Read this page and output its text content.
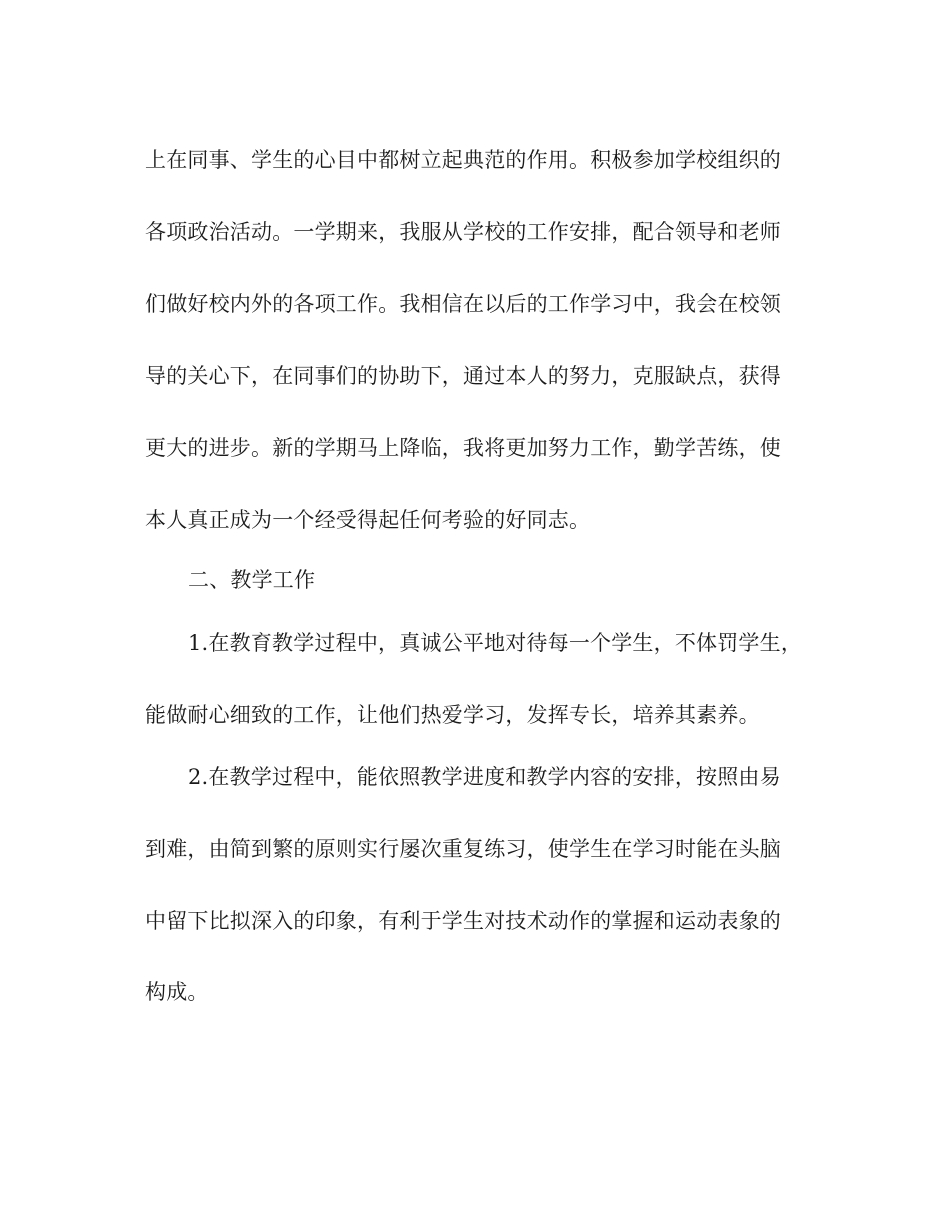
上在同事、学生的心目中都树立起典范的作用。积极参加学校组织的
各项政治活动。一学期来，我服从学校的工作安排，配合领导和老师
们做好校内外的各项工作。我相信在以后的工作学习中，我会在校领
导的关心下，在同事们的协助下，通过本人的努力，克服缺点，获得
更大的进步。新的学期马上降临，我将更加努力工作，勤学苦练，使
本人真正成为一个经受得起任何考验的好同志。
二、教学工作
1.在教育教学过程中，真诚公平地对待每一个学生，不体罚学生，
能做耐心细致的工作，让他们热爱学习，发挥专长，培养其素养。
2.在教学过程中，能依照教学进度和教学内容的安排，按照由易
到难，由简到繁的原则实行屡次重复练习，使学生在学习时能在头脑
中留下比拟深入的印象，有利于学生对技术动作的掌握和运动表象的
构成。
